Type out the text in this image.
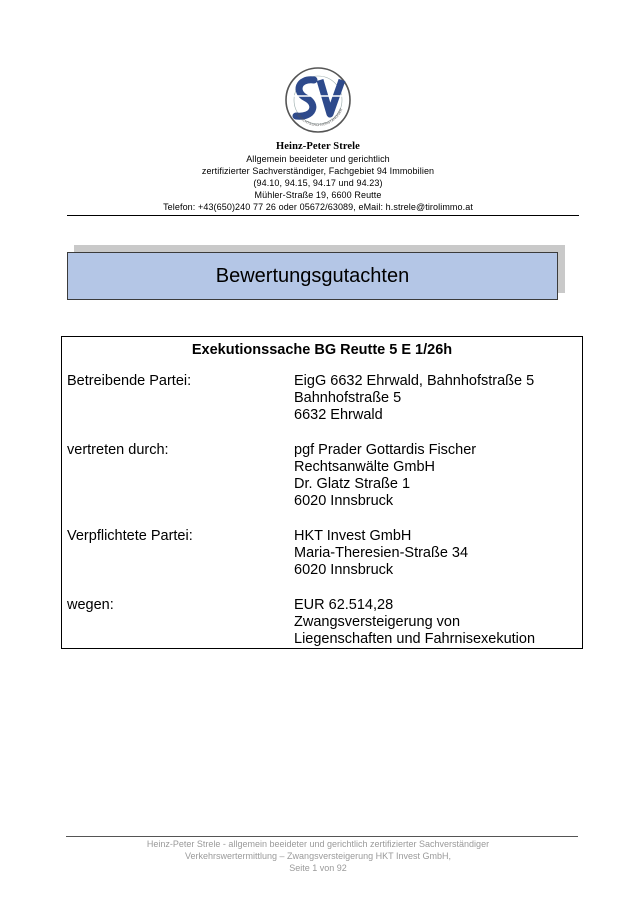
GERICHTSSACHVERSTÄNDIGER
Heinz-Peter Strele
Allgemein beeideter und gerichtlich
zertifizierter Sachverständiger, Fachgebiet 94 Immobilien
(94.10, 94.15, 94.17 und 94.23)
Mühler-Straße 19, 6600 Reutte
Telefon: +43(650)240 77 26 oder 05672/63089, eMail: h.strele@tirolimmo.at
Bewertungsgutachten
Exekutionssache BG Reutte 5 E 1/26h
Betreibende Partei:	EigG 6632 Ehrwald, Bahnhofstraße 5
Bahnhofstraße 5
6632 Ehrwald
vertreten durch:	pgf Prader Gottardis Fischer
Rechtsanwälte GmbH
Dr. Glatz Straße 1
6020 Innsbruck
Verpflichtete Partei:	HKT Invest GmbH
Maria-Theresien-Straße 34
6020 Innsbruck
wegen:	EUR 62.514,28
Zwangsversteigerung von
Liegenschaften und Fahrnisexekution
Heinz-Peter Strele - allgemein beeideter und gerichtlich zertifizierter Sachverständiger
Verkehrswertermittlung – Zwangsversteigerung HKT Invest GmbH,
Seite 1 von 92
